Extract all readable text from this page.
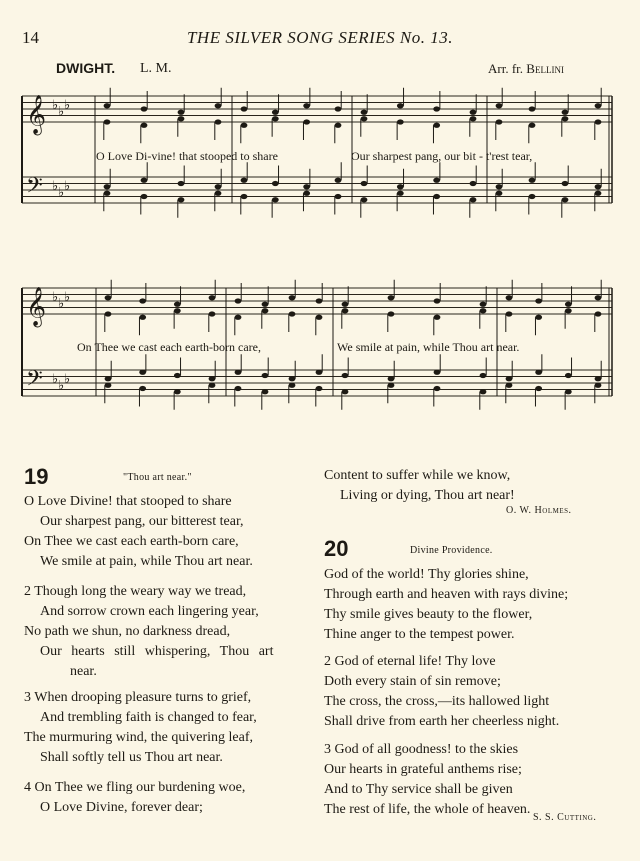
14	THE SILVER SONG SERIES No. 13.
DWIGHT. L. M.	Arr. fr. Bellini
𝄞 ♭ ♭ ♭
𝄢 ♭ ♭ ♭
𝄞 ♭ ♭ ♭
𝄢 ♭ ♭ ♭
O Love Di-vine! that stooped to share	Our sharpest pang, our bit - t'rest tear,
On Thee we cast each earth-born care,	We smile at pain, while Thou art near.
19	"Thou art near."
O Love Divine! that stooped to share
Our sharpest pang, our bitterest tear,
On Thee we cast each earth-born care,
We smile at pain, while Thou art near.
2 Though long the weary way we tread,
And sorrow crown each lingering year,
No path we shun, no darkness dread,
Our hearts still whispering, Thou art
near.
3 When drooping pleasure turns to grief,
And trembling faith is changed to fear,
The murmuring wind, the quivering leaf,
Shall softly tell us Thou art near.
4 On Thee we fling our burdening woe,
O Love Divine, forever dear;
Content to suffer while we know,
Living or dying, Thou art near!
O. W. Holmes.
20	Divine Providence.
God of the world! Thy glories shine,
Through earth and heaven with rays divine;
Thy smile gives beauty to the flower,
Thine anger to the tempest power.
2 God of eternal life! Thy love
Doth every stain of sin remove;
The cross, the cross,—its hallowed light
Shall drive from earth her cheerless night.
3 God of all goodness! to the skies
Our hearts in grateful anthems rise;
And to Thy service shall be given
The rest of life, the whole of heaven.
S. S. Cutting.
